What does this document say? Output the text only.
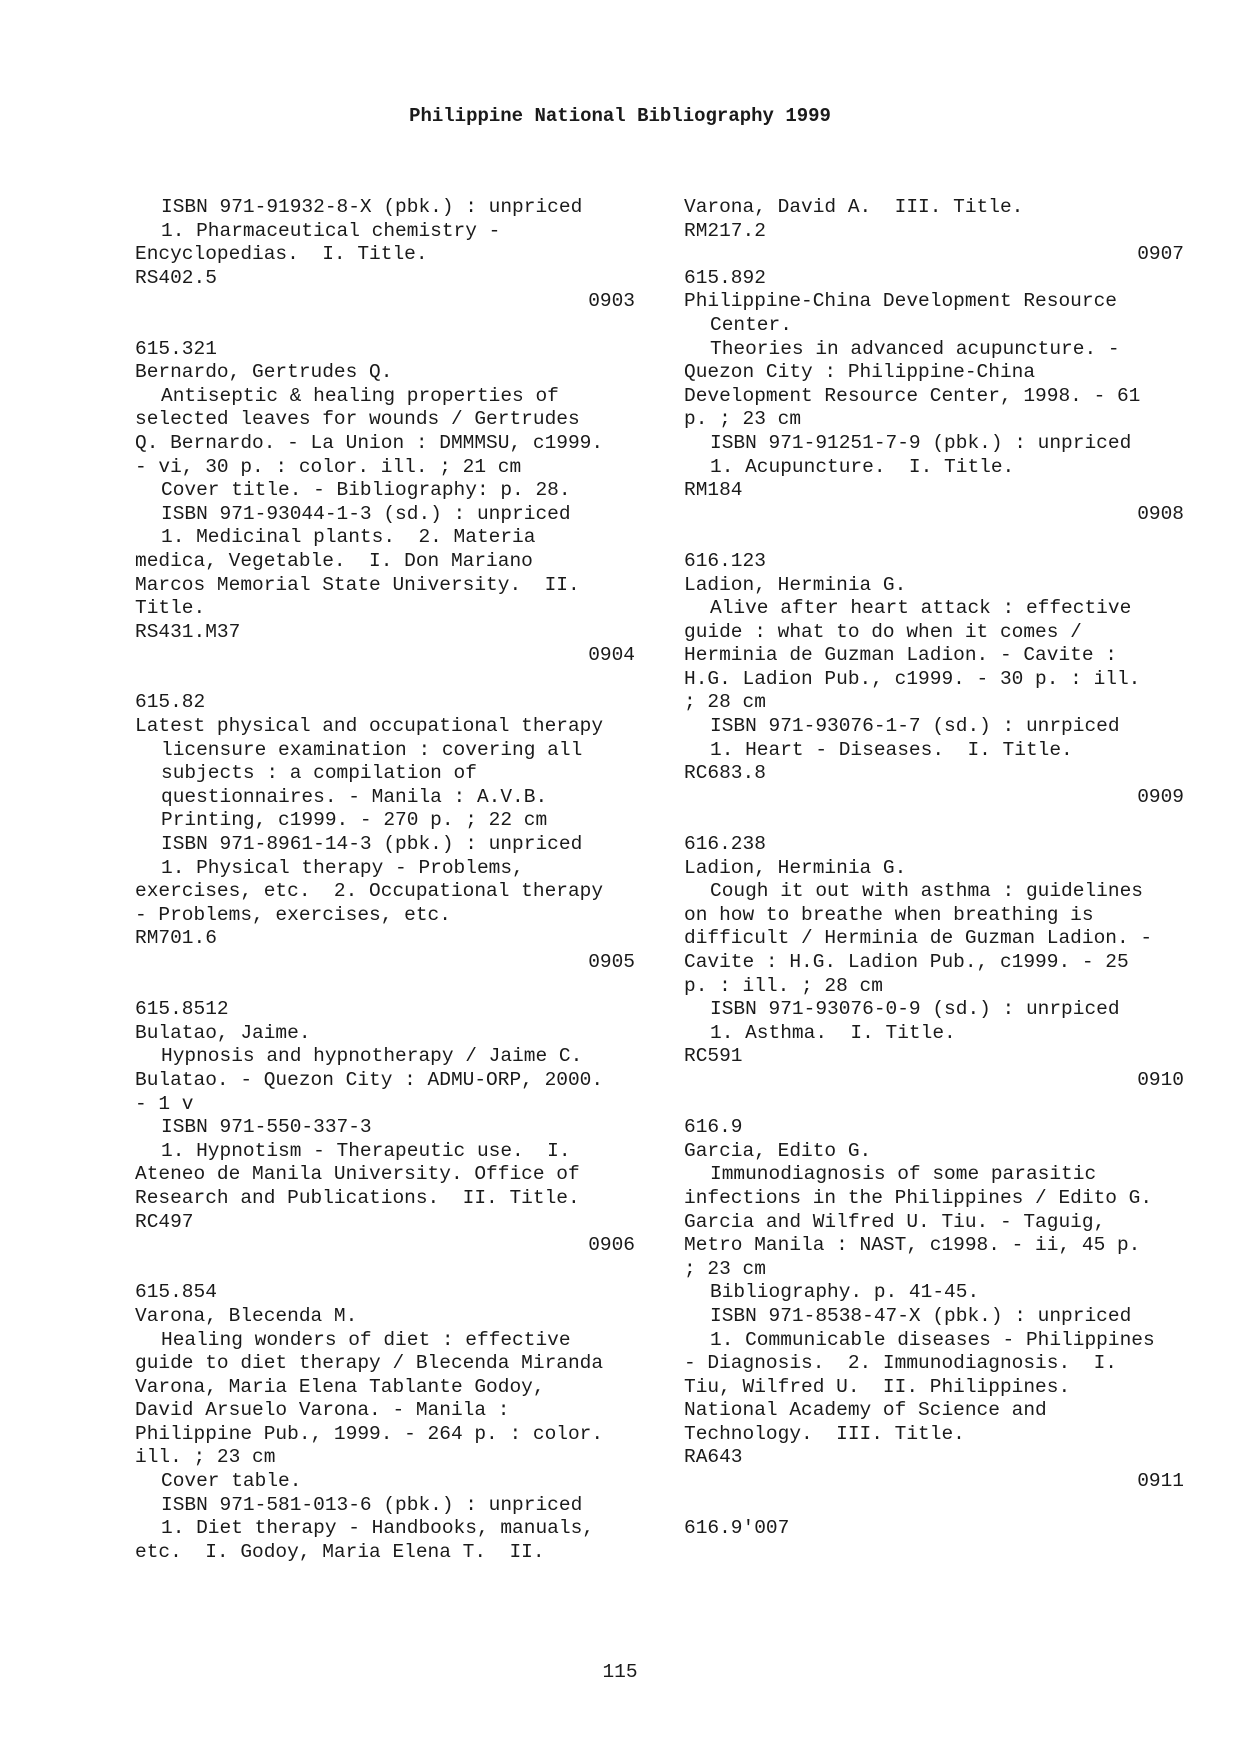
Philippine National Bibliography 1999
ISBN 971-91932-8-X (pbk.) : unpriced
1. Pharmaceutical chemistry -
Encyclopedias.  I. Title.
RS402.5
0903
615.321
Bernardo, Gertrudes Q.
Antiseptic & healing properties of
selected leaves for wounds / Gertrudes
Q. Bernardo. - La Union : DMMMSU, c1999.
- vi, 30 p. : color. ill. ; 21 cm
Cover title. - Bibliography: p. 28.
ISBN 971-93044-1-3 (sd.) : unpriced
1. Medicinal plants.  2. Materia
medica, Vegetable.  I. Don Mariano
Marcos Memorial State University.  II.
Title.
RS431.M37
0904
615.82
Latest physical and occupational therapy
licensure examination : covering all
subjects : a compilation of
questionnaires. - Manila : A.V.B.
Printing, c1999. - 270 p. ; 22 cm
ISBN 971-8961-14-3 (pbk.) : unpriced
1. Physical therapy - Problems,
exercises, etc.  2. Occupational therapy
- Problems, exercises, etc.
RM701.6
0905
615.8512
Bulatao, Jaime.
Hypnosis and hypnotherapy / Jaime C.
Bulatao. - Quezon City : ADMU-ORP, 2000.
- 1 v
ISBN 971-550-337-3
1. Hypnotism - Therapeutic use.  I.
Ateneo de Manila University. Office of
Research and Publications.  II. Title.
RC497
0906
615.854
Varona, Blecenda M.
Healing wonders of diet : effective
guide to diet therapy / Blecenda Miranda
Varona, Maria Elena Tablante Godoy,
David Arsuelo Varona. - Manila :
Philippine Pub., 1999. - 264 p. : color.
ill. ; 23 cm
Cover table.
ISBN 971-581-013-6 (pbk.) : unpriced
1. Diet therapy - Handbooks, manuals,
etc.  I. Godoy, Maria Elena T.  II.
Varona, David A.  III. Title.
RM217.2
0907
615.892
Philippine-China Development Resource
Center.
Theories in advanced acupuncture. -
Quezon City : Philippine-China
Development Resource Center, 1998. - 61
p. ; 23 cm
ISBN 971-91251-7-9 (pbk.) : unpriced
1. Acupuncture.  I. Title.
RM184
0908
616.123
Ladion, Herminia G.
Alive after heart attack : effective
guide : what to do when it comes /
Herminia de Guzman Ladion. - Cavite :
H.G. Ladion Pub., c1999. - 30 p. : ill.
; 28 cm
ISBN 971-93076-1-7 (sd.) : unrpiced
1. Heart - Diseases.  I. Title.
RC683.8
0909
616.238
Ladion, Herminia G.
Cough it out with asthma : guidelines
on how to breathe when breathing is
difficult / Herminia de Guzman Ladion. -
Cavite : H.G. Ladion Pub., c1999. - 25
p. : ill. ; 28 cm
ISBN 971-93076-0-9 (sd.) : unrpiced
1. Asthma.  I. Title.
RC591
0910
616.9
Garcia, Edito G.
Immunodiagnosis of some parasitic
infections in the Philippines / Edito G.
Garcia and Wilfred U. Tiu. - Taguig,
Metro Manila : NAST, c1998. - ii, 45 p.
; 23 cm
Bibliography. p. 41-45.
ISBN 971-8538-47-X (pbk.) : unpriced
1. Communicable diseases - Philippines
- Diagnosis.  2. Immunodiagnosis.  I.
Tiu, Wilfred U.  II. Philippines.
National Academy of Science and
Technology.  III. Title.
RA643
0911
616.9'007
115
